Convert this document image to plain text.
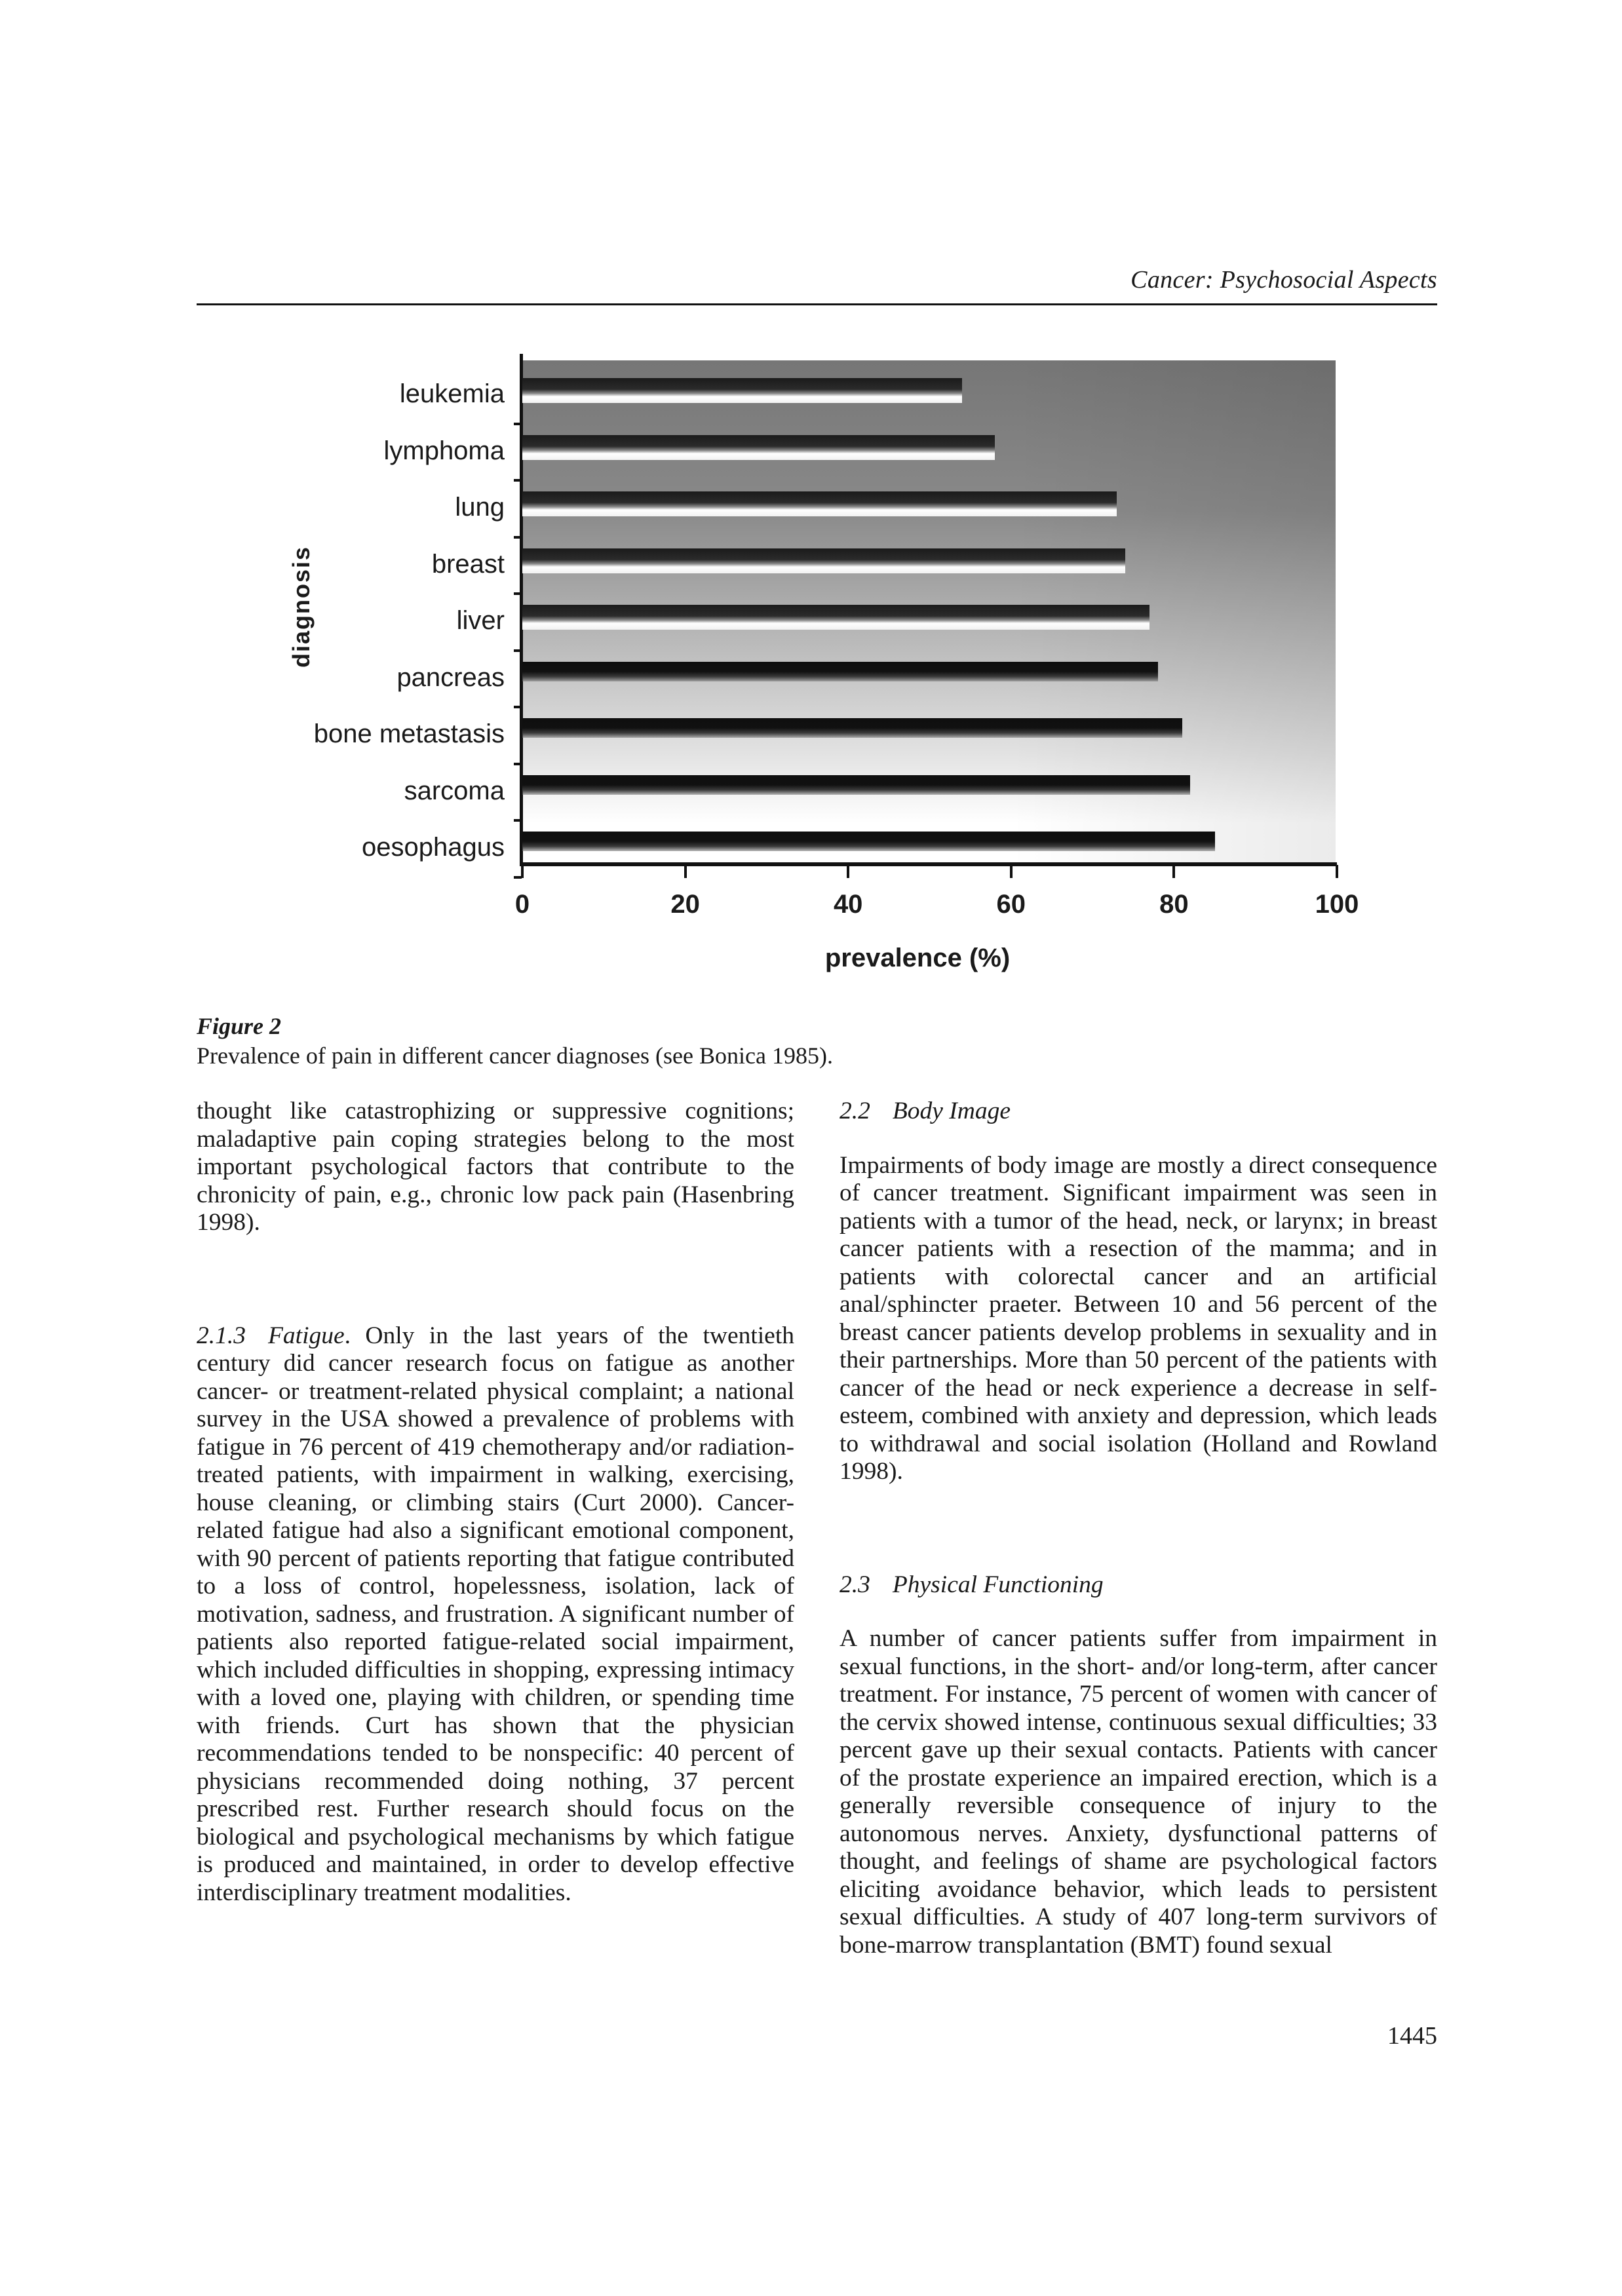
Cancer: Psychosocial Aspects
diagnosis
leukemia
lymphoma
lung
breast
liver
pancreas
bone metastasis
sarcoma
oesophagus
0	20	40	60	80	100
prevalence (%)
Figure 2
Prevalence of pain in different cancer diagnoses (see Bonica 1985).

thought like catastrophizing or suppressive cognitions; maladaptive pain coping strategies belong to the most important psychological factors that contribute to the chronicity of pain, e.g., chronic low pack pain (Hasenbring 1998).

2.1.3 Fatigue. Only in the last years of the twentieth century did cancer research focus on fatigue as another cancer- or treatment-related physical complaint; a national survey in the USA showed a prevalence of problems with fatigue in 76 percent of 419 chemotherapy and/or radiation-treated patients, with impairment in walking, exercising, house cleaning, or climbing stairs (Curt 2000). Cancer-related fatigue had also a significant emotional component, with 90 percent of patients reporting that fatigue contributed to a loss of control, hopelessness, isolation, lack of motivation, sadness, and frustration. A significant number of patients also reported fatigue-related social impairment, which included difficulties in shopping, expressing intimacy with a loved one, playing with children, or spending time with friends. Curt has shown that the physician recommendations tended to be nonspecific: 40 percent of physicians recommended doing nothing, 37 percent prescribed rest. Further research should focus on the biological and psychological mechanisms by which fatigue is produced and maintained, in order to develop effective interdisciplinary treatment modalities.

2.2 Body Image

Impairments of body image are mostly a direct consequence of cancer treatment. Significant impairment was seen in patients with a tumor of the head, neck, or larynx; in breast cancer patients with a resection of the mamma; and in patients with colorectal cancer and an artificial anal/sphincter praeter. Between 10 and 56 percent of the breast cancer patients develop problems in sexuality and in their partnerships. More than 50 percent of the patients with cancer of the head or neck experience a decrease in self-esteem, combined with anxiety and depression, which leads to withdrawal and social isolation (Holland and Rowland 1998).

2.3 Physical Functioning

A number of cancer patients suffer from impairment in sexual functions, in the short- and/or long-term, after cancer treatment. For instance, 75 percent of women with cancer of the cervix showed intense, continuous sexual difficulties; 33 percent gave up their sexual contacts. Patients with cancer of the prostate experience an impaired erection, which is a generally reversible consequence of injury to the autonomous nerves. Anxiety, dysfunctional patterns of thought, and feelings of shame are psychological factors eliciting avoidance behavior, which leads to persistent sexual difficulties. A study of 407 long-term survivors of bone-marrow transplantation (BMT) found sexual

1445
